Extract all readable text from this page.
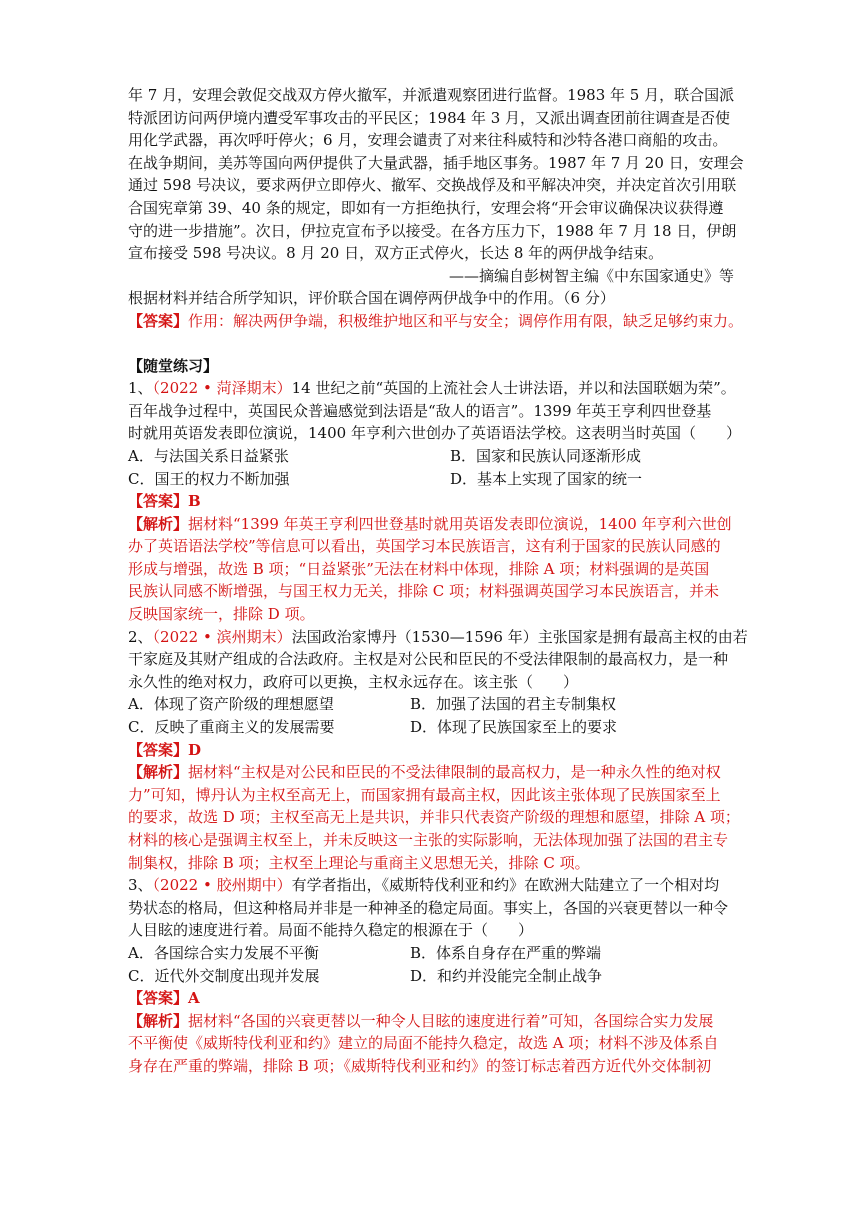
年 7 月，安理会敦促交战双方停火撤军，并派遣观察团进行监督。1983 年 5 月，联合国派
特派团访问两伊境内遭受军事攻击的平民区；1984 年 3 月，又派出调查团前往调查是否使
用化学武器，再次呼吁停火；6 月，安理会谴责了对来往科威特和沙特各港口商船的攻击。
在战争期间，美苏等国向两伊提供了大量武器，插手地区事务。1987 年 7 月 20 日，安理会
通过 598 号决议，要求两伊立即停火、撤军、交换战俘及和平解决冲突，并决定首次引用联
合国宪章第 39、40 条的规定，即如有一方拒绝执行，安理会将“开会审议确保决议获得遵
守的进一步措施”。次日，伊拉克宣布予以接受。在各方压力下，1988 年 7 月 18 日，伊朗
宣布接受 598 号决议。8 月 20 日，双方正式停火，长达 8 年的两伊战争结束。
——摘编自彭树智主编《中东国家通史》等
根据材料并结合所学知识，评价联合国在调停两伊战争中的作用。（6 分）
【答案】作用：解决两伊争端，积极维护地区和平与安全；调停作用有限，缺乏足够约束力。
【随堂练习】
1、（2022 • 菏泽期末）14 世纪之前“英国的上流社会人士讲法语，并以和法国联姻为荣”。
百年战争过程中，英国民众普遍感觉到法语是“敌人的语言”。1399 年英王亨利四世登基
时就用英语发表即位演说，1400 年亨利六世创办了英语语法学校。这表明当时英国（　　）
A．与法国关系日益紧张	B．国家和民族认同逐渐形成
C．国王的权力不断加强	D．基本上实现了国家的统一
【答案】B
【解析】据材料“1399 年英王亨利四世登基时就用英语发表即位演说，1400 年亨利六世创
办了英语语法学校”等信息可以看出，英国学习本民族语言，这有利于国家的民族认同感的
形成与增强，故选 B 项；“日益紧张”无法在材料中体现，排除 A 项；材料强调的是英国
民族认同感不断增强，与国王权力无关，排除 C 项；材料强调英国学习本民族语言，并未
反映国家统一，排除 D 项。
2、（2022 • 滨州期末）法国政治家博丹（1530—1596 年）主张国家是拥有最高主权的由若
干家庭及其财产组成的合法政府。主权是对公民和臣民的不受法律限制的最高权力，是一种
永久性的绝对权力，政府可以更换，主权永远存在。该主张（　　）
A．体现了资产阶级的理想愿望	B．加强了法国的君主专制集权
C．反映了重商主义的发展需要	D．体现了民族国家至上的要求
【答案】D
【解析】据材料“主权是对公民和臣民的不受法律限制的最高权力，是一种永久性的绝对权
力”可知，博丹认为主权至高无上，而国家拥有最高主权，因此该主张体现了民族国家至上
的要求，故选 D 项；主权至高无上是共识，并非只代表资产阶级的理想和愿望，排除 A 项；
材料的核心是强调主权至上，并未反映这一主张的实际影响，无法体现加强了法国的君主专
制集权，排除 B 项；主权至上理论与重商主义思想无关，排除 C 项。
3、（2022 • 胶州期中）有学者指出，《威斯特伐利亚和约》在欧洲大陆建立了一个相对均
势状态的格局，但这种格局并非是一种神圣的稳定局面。事实上，各国的兴衰更替以一种令
人目眩的速度进行着。局面不能持久稳定的根源在于（　　）
A．各国综合实力发展不平衡	B．体系自身存在严重的弊端
C．近代外交制度出现并发展	D．和约并没能完全制止战争
【答案】A
【解析】据材料“各国的兴衰更替以一种令人目眩的速度进行着”可知，各国综合实力发展
不平衡使《威斯特伐利亚和约》建立的局面不能持久稳定，故选 A 项；材料不涉及体系自
身存在严重的弊端，排除 B 项；《威斯特伐利亚和约》的签订标志着西方近代外交体制初
